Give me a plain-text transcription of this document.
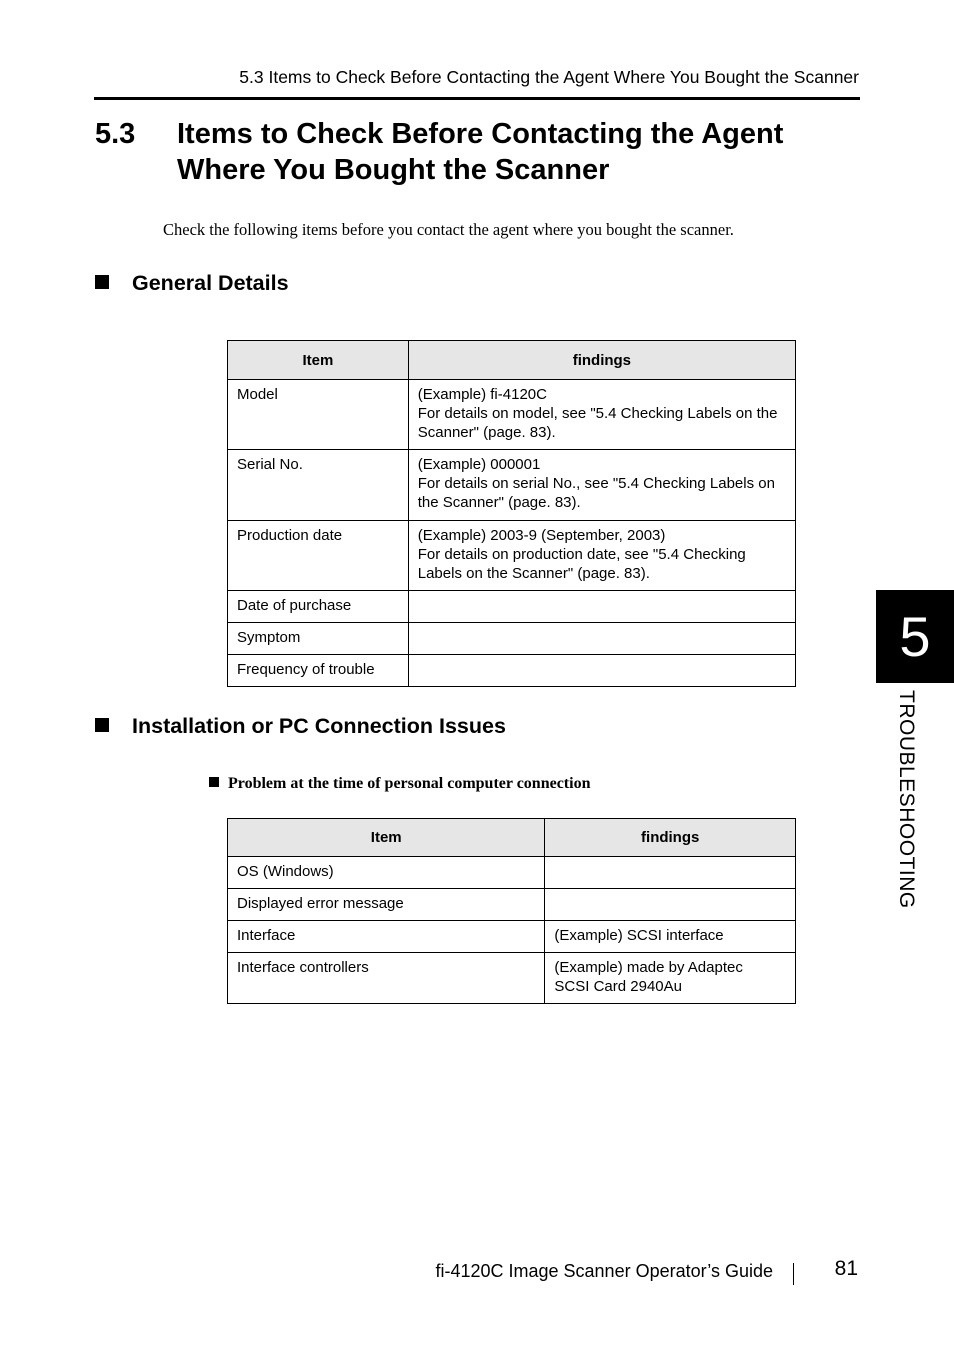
5.3 Items to Check Before Contacting the Agent Where You Bought the Scanner
5.3 Items to Check Before Contacting the Agent Where You Bought the Scanner
Check the following items before you contact the agent where you bought the scanner.
General Details
Item	findings
Model	(Example) fi-4120C
For details on model, see "5.4 Checking Labels on the Scanner" (page. 83).

Serial No.	(Example) 000001
For details on serial No., see "5.4 Checking Labels on the Scanner" (page. 83).

Production date	(Example) 2003-9 (September, 2003)
For details on production date, see "5.4 Checking Labels on the Scanner" (page. 83).

Date of purchase	
Symptom	
Frequency of trouble	
Installation or PC Connection Issues
Problem at the time of personal computer connection
Item	findings
OS (Windows)	
Displayed error message	
Interface	(Example) SCSI interface

Interface controllers	(Example) made by Adaptec
SCSI Card 2940Au
5
TROUBLESHOOTING
fi-4120C Image Scanner Operator’s Guide	81
